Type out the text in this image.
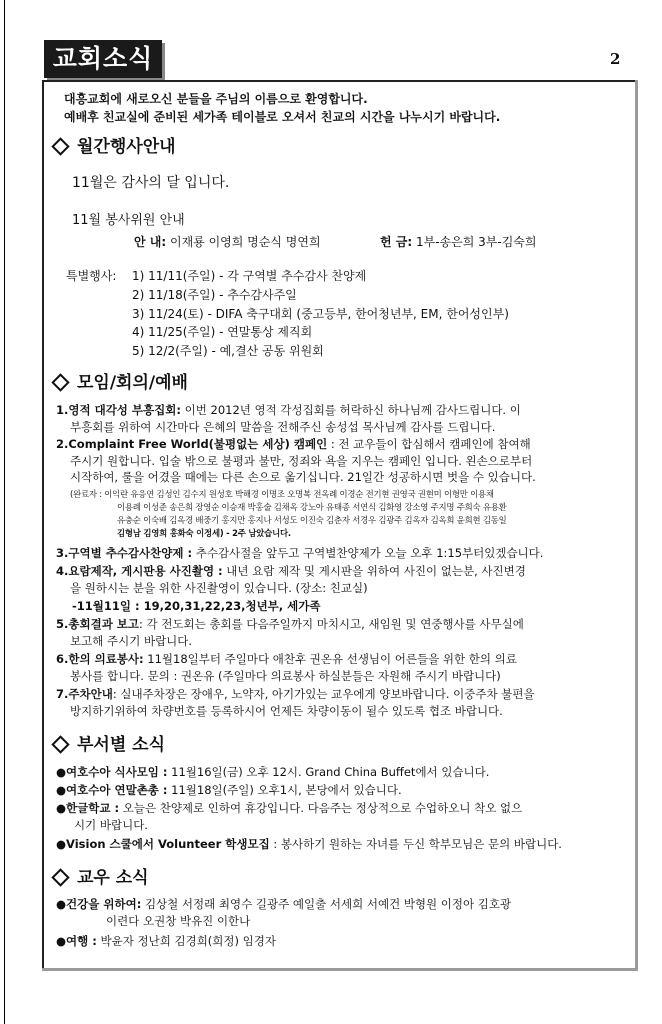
교회소식	2
대흥교회에 새로오신 분들을 주님의 이름으로 환영합니다.
예배후 친교실에 준비된 세가족 테이블로 오셔서 친교의 시간을 나누시기 바랍니다.
월간행사안내
11월은 감사의 달 입니다.
11월 봉사위원 안내
안 내: 이재룡 이영희 명순식 명연희	헌 금: 1부-송은희 3부-김숙희
특별행사: 1) 11/11(주일) - 각 구역별 추수감사 찬양제
2) 11/18(주일) - 추수감사주일
3) 11/24(토) - DIFA 축구대회 (중고등부, 한어청년부, EM, 한어성인부)
4) 11/25(주일) - 연말통상 제직회
5) 12/2(주일) - 예,결산 공동 위원회
모임/회의/예배
1.영적 대각성 부흥집회: 이번 2012년 영적 각성집회를 허락하신 하나님께 감사드립니다. 이
부흥회를 위하여 시간마다 은혜의 말씀을 전해주신 송성섭 목사님께 감사를 드립니다.
2.Complaint Free World(불평없는 세상) 캠페인 : 전 교우들이 합심해서 캠페인에 참여해
주시기 원합니다. 입술 밖으로 불평과 불만, 정죄와 욕을 지우는 캠페인 입니다. 왼손으로부터
시작하여, 룰을 어겼을 때에는 다른 손으로 옮기십니다. 21일간 성공하시면 벗을 수 있습니다.
(완료자 : 이익란 유응연 김성인 김수지 원성호 박해경 이명조 오명복 전옥례 이경순 전기현 권영국 권현미 이형만 이용채
이용례 이성준 송은희 장영순 이승재 박홍술 김채옥 강노아 유태종 서연식 김화영 강소영 주지명 주희숙 유용환
유충순 이숙배 김옥경 배중기 홍지만 홍지나 서성도 이진숙 김춘자 서경우 김광주 김옥자 김옥희 윤희현 김동일
김형남 김영희 홍화숙 이정세) - 2주 남았습니다.
3.구역별 추수감사찬양제 : 추수감사절을 앞두고 구역별찬양제가 오늘 오후 1:15부터있겠습니다.
4.요람제작, 게시판용 사진촬영 : 내년 요람 제작 및 게시판을 위하여 사진이 없는분, 사진변경
을 원하시는 분을 위한 사진촬영이 있습니다. (장소: 친교실)
-11월11일 : 19,20,31,22,23,청년부, 세가족
5.총회결과 보고: 각 전도회는 총회를 다음주일까지 마치시고, 새임원 및 연중행사를 사무실에
보고해 주시기 바랍니다.
6.한의 의료봉사: 11월18일부터 주일마다 애찬후 권온유 선생님이 어른들을 위한 한의 의료
봉사를 합니다. 문의 : 권온유 (주일마다 의료봉사 하실분들은 자원해 주시기 바랍니다)
7.주차안내: 실내주차장은 장애우, 노약자, 아기가있는 교우에게 양보바랍니다. 이중주차 불편을
방지하기위하여 차량번호를 등록하시어 언제든 차량이동이 될수 있도록 협조 바랍니다.
부서별 소식
●여호수아 식사모임 : 11월16일(금) 오후 12시. Grand China Buffet에서 있습니다.
●여호수아 연말촌총 : 11월18일(주일) 오후1시, 본당에서 있습니다.
●한글학교 : 오늘은 찬양제로 인하여 휴강입니다. 다음주는 정상적으로 수업하오니 착오 없으
시기 바랍니다.
●Vision 스쿨에서 Volunteer 학생모집 : 봉사하기 원하는 자녀를 두신 학부모님은 문의 바랍니다.
교우 소식
●건강을 위하여: 김상철 서정래 최영수 길광주 예일출 서세희 서예건 박형원 이정아 김호광
이련다 오권창 박유진 이한나
●여행 : 박윤자 정난희 김경희(희정) 임경자
